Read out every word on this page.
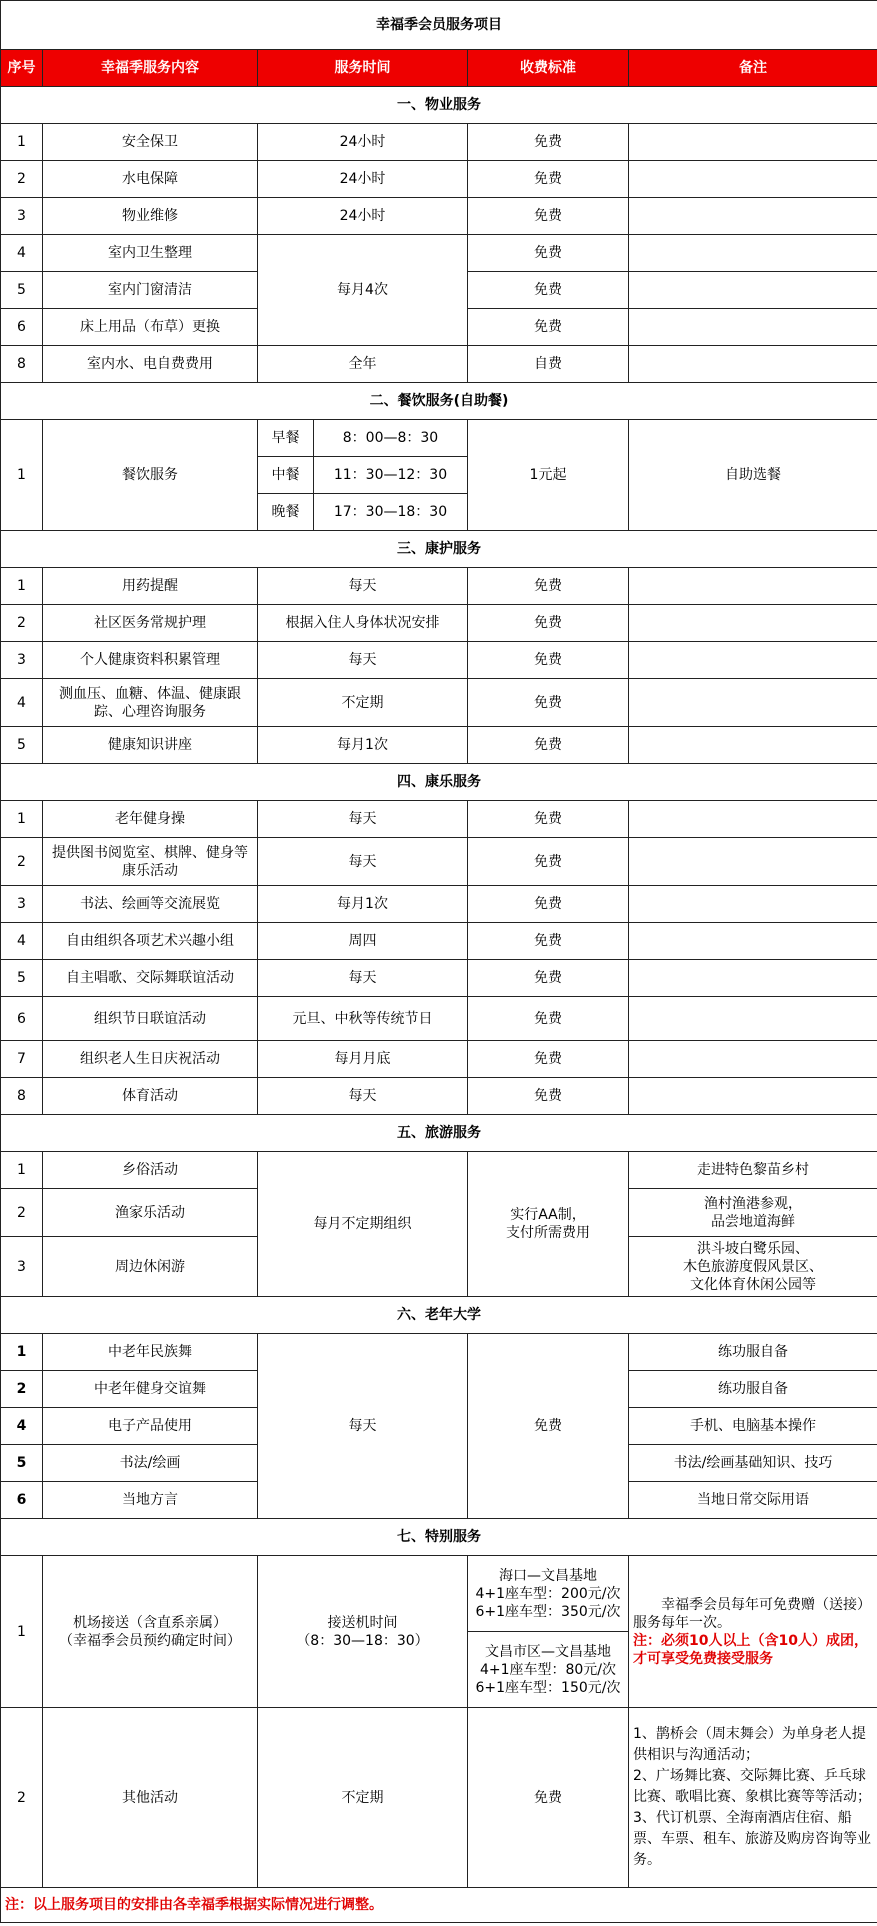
幸福季会员服务项目					
序号	幸福季服务内容	服务时间		收费标准	备注
一、物业服务					
1	安全保卫	24小时		免费	
2	水电保障	24小时		免费	
3	物业维修	24小时		免费	
4	室内卫生整理	每月4次		免费	
5	室内门窗清洁			免费	
6	床上用品（布草）更换			免费	
8	室内水、电自费费用	全年		自费	
二、餐饮服务(自助餐)					
1	餐饮服务	早餐	8：00—8：30	1元起	自助选餐
		中餐	11：30—12：30		
		晚餐	17：30—18：30		
三、康护服务					
1	用药提醒	每天		免费	
2	社区医务常规护理	根据入住人身体状况安排		免费	
3	个人健康资料积累管理	每天		免费	
4	测血压、血糖、体温、健康跟踪、心理咨询服务	不定期		免费	
5	健康知识讲座	每月1次		免费	
四、康乐服务					
1	老年健身操	每天		免费	
2	提供图书阅览室、棋牌、健身等康乐活动	每天		免费	
3	书法、绘画等交流展览	每月1次		免费	
4	自由组织各项艺术兴趣小组	周四		免费	
5	自主唱歌、交际舞联谊活动	每天		免费	
6	组织节日联谊活动	元旦、中秋等传统节日		免费	
7	组织老人生日庆祝活动	每月月底		免费	
8	体育活动	每天		免费	
五、旅游服务					
1	乡俗活动	每月不定期组织		实行AA制，
支付所需费用	走进特色黎苗乡村
2	渔家乐活动				渔村渔港参观，
品尝地道海鲜

3	周边休闲游				洪斗坡白鹭乐园、
木色旅游度假风景区、
文化体育休闲公园等

六、老年大学					
1	中老年民族舞	每天		免费	练功服自备
2	中老年健身交谊舞				练功服自备
4	电子产品使用				手机、电脑基本操作
5	书法/绘画				书法/绘画基础知识、技巧
6	当地方言				当地日常交际用语
七、特别服务					
1	机场接送（含直系亲属）
（幸福季会员预约确定时间）	接送机时间
（8：30—18：30）		海口—文昌基地
4+1座车型：200元/次
6+1座车型：350元/次	幸福季会员每年可免费赠（送接）服务每年一次。
注：必须10人以上（含10人）成团，才可享受免费接受服务

				文昌市区—文昌基地
4+1座车型：80元/次
6+1座车型：150元/次	

2	其他活动	不定期		免费	1、鹊桥会（周末舞会）为单身老人提供相识与沟通活动；
2、广场舞比赛、交际舞比赛、乒乓球比赛、歌唱比赛、象棋比赛等等活动；
3、代订机票、全海南酒店住宿、船票、车票、租车、旅游及购房咨询等业务。

注：以上服务项目的安排由各幸福季根据实际情况进行调整。					
